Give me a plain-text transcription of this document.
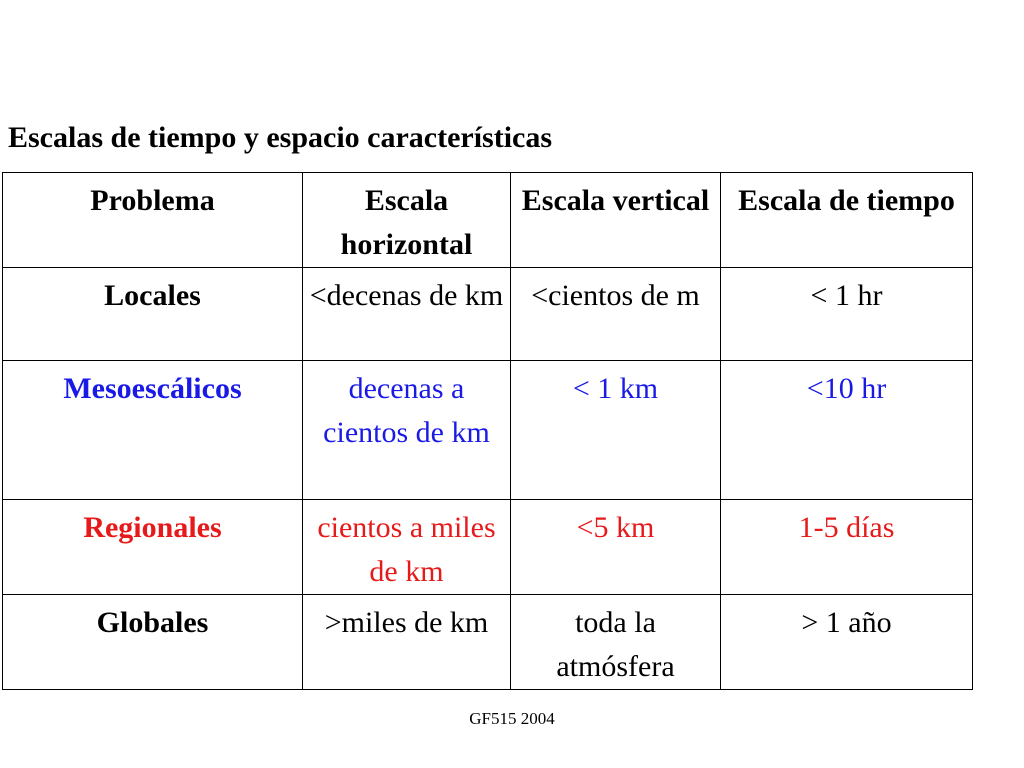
Escalas de tiempo y espacio características
Problema	Escala horizontal	Escala vertical	Escala de tiempo
Locales	<decenas de km	<cientos de m	< 1 hr
Mesoescálicos	decenas a cientos de km	< 1 km	<10 hr
Regionales	cientos a miles de km	<5 km	1-5 días
Globales	>miles de km	toda la atmósfera	> 1 año
GF515 2004
